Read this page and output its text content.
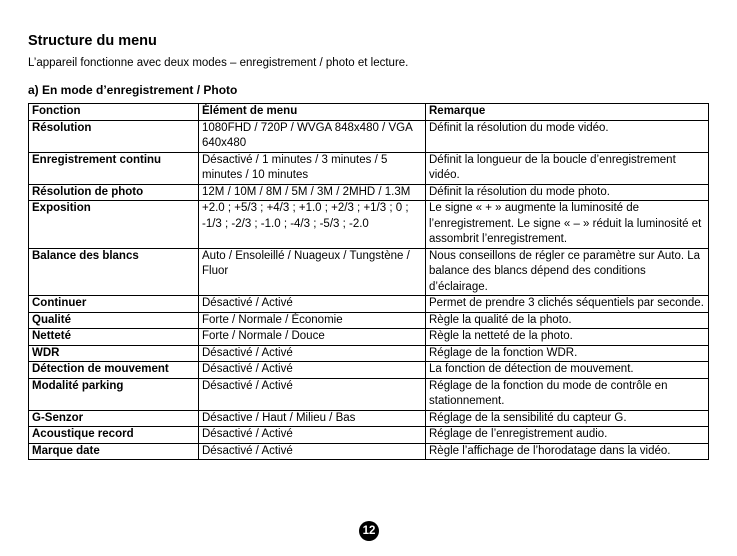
Structure du menu
L’appareil fonctionne avec deux modes – enregistrement / photo et lecture.
a) En mode d’enregistrement / Photo
Fonction	Élément de menu	Remarque
Résolution	1080FHD / 720P / WVGA 848x480 / VGA 640x480	Définit la résolution du mode vidéo.
Enregistrement continu	Désactivé / 1 minutes / 3 minutes / 5 minutes / 10 minutes	Définit la longueur de la boucle d’enregistrement vidéo.
Résolution de photo	12M / 10M / 8M / 5M / 3M / 2MHD / 1.3M	Définit la résolution du mode photo.
Exposition	+2.0 ; +5/3 ; +4/3 ; +1.0 ; +2/3 ; +1/3 ; 0 ; -1/3 ; -2/3 ; -1.0 ; -4/3 ; -5/3 ; -2.0	Le signe « + » augmente la luminosité de l’enregistrement. Le signe « – » réduit la luminosité et assombrit l’enregistrement.
Balance des blancs	Auto / Ensoleillé / Nuageux / Tungstène / Fluor	Nous conseillons de régler ce paramètre sur Auto. La balance des blancs dépend des conditions d’éclairage.
Continuer	Désactivé / Activé	Permet de prendre 3 clichés séquentiels par seconde.
Qualité	Forte / Normale / Économie	Règle la qualité de la photo.
Netteté	Forte / Normale / Douce	Règle la netteté de la photo.
WDR	Désactivé / Activé	Réglage de la fonction WDR.
Détection de mouvement	Désactivé / Activé	La fonction de détection de mouvement.
Modalité parking	Désactivé / Activé	Réglage de la fonction du mode de contrôle en stationnement.
G-Senzor	Désactive / Haut / Milieu / Bas	Réglage de la sensibilité du capteur G.
Acoustique record	Désactivé / Activé	Réglage de l’enregistrement audio.
Marque date	Désactivé / Activé	Règle l’affichage de l’horodatage dans la vidéo.
12
